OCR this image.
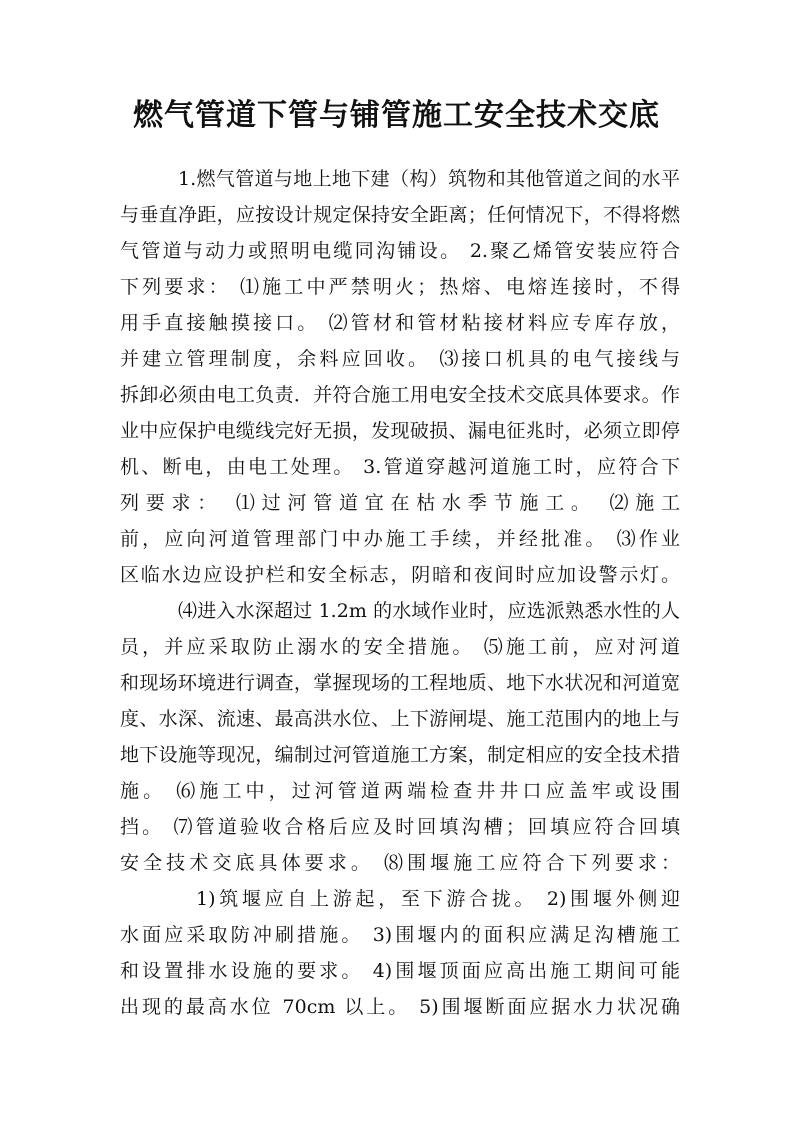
燃气管道下管与铺管施工安全技术交底
1.燃气管道与地上地下建（构）筑物和其他管道之间的水平
与垂直净距，应按设计规定保持安全距离；任何情况下，不得将燃
气管道与动力或照明电缆同沟铺设。 2.聚乙烯管安装应符合
下列要求： ⑴施工中严禁明火；热熔、电熔连接时，不得
用手直接触摸接口。 ⑵管材和管材粘接材料应专库存放，
并建立管理制度，余料应回收。 ⑶接口机具的电气接线与
拆卸必须由电工负责．并符合施工用电安全技术交底具体要求。作
业中应保护电缆线完好无损，发现破损、漏电征兆时，必须立即停
机、断电，由电工处理。 3.管道穿越河道施工时，应符合下
列要求： ⑴过河管道宜在枯水季节施工。 ⑵施工
前，应向河道管理部门中办施工手续，并经批准。 ⑶作业
区临水边应设护栏和安全标志，阴暗和夜间时应加设警示灯。
⑷进入水深超过 1.2m 的水域作业时，应选派熟悉水性的人
员，并应采取防止溺水的安全措施。 ⑸施工前，应对河道
和现场环境进行调查，掌握现场的工程地质、地下水状况和河道宽
度、水深、流速、最高洪水位、上下游闸堤、施工范围内的地上与
地下设施等现况，编制过河管道施工方案，制定相应的安全技术措
施。 ⑹施工中，过河管道两端检查井井口应盖牢或设围
挡。 ⑺管道验收合格后应及时回填沟槽；回填应符合回填
安全技术交底具体要求。 ⑻围堰施工应符合下列要求：
1)筑堰应自上游起，至下游合拢。 2)围堰外侧迎
水面应采取防冲刷措施。 3)围堰内的面积应满足沟槽施工
和设置排水设施的要求。 4)围堰顶面应高出施工期间可能
出现的最高水位 70cm 以上。 5)围堰断面应据水力状况确
